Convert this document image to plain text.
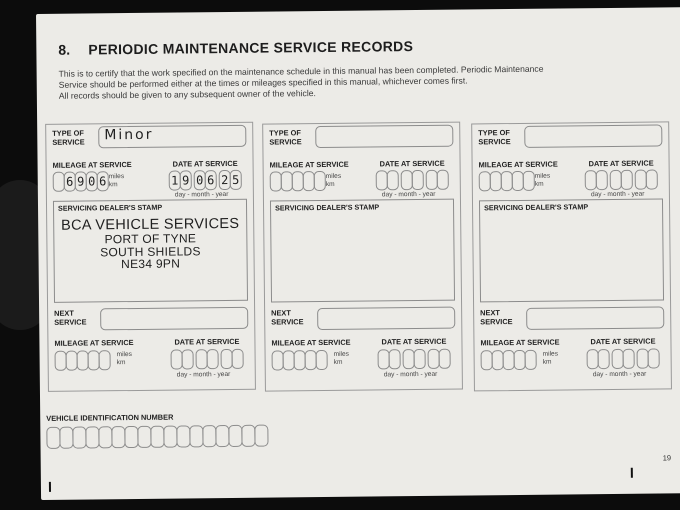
8. PERIODIC MAINTENANCE SERVICE RECORDS
This is to certify that the work specified on the maintenance schedule in this manual has been completed. Periodic Maintenance
Service should be performed either at the times or mileages specified in this manual, whichever comes first.
All records should be given to any subsequent owner of the vehicle.
TYPE OF
SERVICE Minor
MILEAGE AT SERVICE	DATE AT SERVICE
6 9 0 6 miles
km	1 9 0 6 2 5
day - month - year
SERVICING DEALER'S STAMP
BCA VEHICLE SERVICES
PORT OF TYNE
SOUTH SHIELDS
NE34 9PN
NEXT
SERVICE
MILEAGE AT SERVICE	DATE AT SERVICE
miles
km
day - month - year
TYPE OF
SERVICE
MILEAGE AT SERVICE	DATE AT SERVICE
miles
km
day - month - year
SERVICING DEALER'S STAMP
NEXT
SERVICE
MILEAGE AT SERVICE	DATE AT SERVICE
miles
km
day - month - year
TYPE OF
SERVICE
MILEAGE AT SERVICE	DATE AT SERVICE
miles
km
day - month - year
SERVICING DEALER'S STAMP
NEXT
SERVICE
MILEAGE AT SERVICE	DATE AT SERVICE
miles
km
day - month - year
VEHICLE IDENTIFICATION NUMBER
19
